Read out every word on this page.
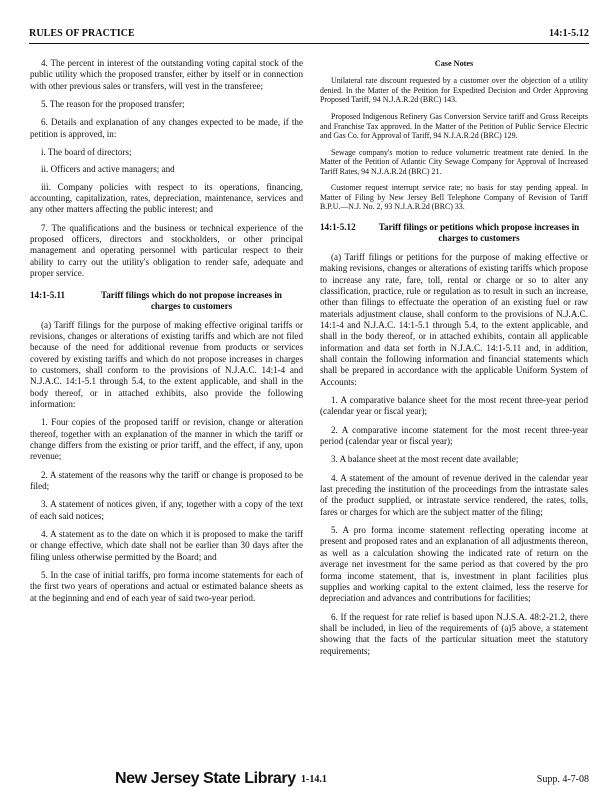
RULES OF PRACTICE	14:1-5.12

4. The percent in interest of the outstanding voting capital stock of the public utility which the proposed transfer, either by itself or in connection with other previous sales or transfers, will vest in the transferee;

5. The reason for the proposed transfer;

6. Details and explanation of any changes expected to be made, if the petition is approved, in:

i. The board of directors;

ii. Officers and active managers; and

iii. Company policies with respect to its operations, financing, accounting, capitalization, rates, depreciation, maintenance, services and any other matters affecting the public interest; and

7. The qualifications and the business or technical experience of the proposed officers, directors and stockholders, or other principal management and operating personnel with particular respect to their ability to carry out the utility's obligation to render safe, adequate and proper service.

14:1-5.11	Tariff filings which do not propose increases in charges to customers

(a) Tariff filings for the purpose of making effective original tariffs or revisions, changes or alterations of existing tariffs and which are not filed because of the need for additional revenue from products or services covered by existing tariffs and which do not propose increases in charges to customers, shall conform to the provisions of N.J.A.C. 14:1-4 and N.J.A.C. 14:1-5.1 through 5.4, to the extent applicable, and shall in the body thereof, or in attached exhibits, also provide the following information:

1. Four copies of the proposed tariff or revision, change or alteration thereof, together with an explanation of the manner in which the tariff or change differs from the existing or prior tariff, and the effect, if any, upon revenue;

2. A statement of the reasons why the tariff or change is proposed to be filed;

3. A statement of notices given, if any, together with a copy of the text of each said notices;

4. A statement as to the date on which it is proposed to make the tariff or change effective, which date shall not be earlier than 30 days after the filing unless otherwise permitted by the Board; and

5. In the case of initial tariffs, pro forma income statements for each of the first two years of operations and actual or estimated balance sheets as at the beginning and end of each year of said two-year period.

Case Notes

Unilateral rate discount requested by a customer over the objection of a utility denied. In the Matter of the Petition for Expedited Decision and Order Approving Proposed Tariff, 94 N.J.A.R.2d (BRC) 143.

Proposed Indigenous Refinery Gas Conversion Service tariff and Gross Receipts and Franchise Tax approved. In the Matter of the Petition of Public Service Electric and Gas Co. for Approval of Tariff, 94 N.J.A.R.2d (BRC) 129.

Sewage company's motion to reduce volumetric treatment rate denied. In the Matter of the Petition of Atlantic City Sewage Company for Approval of Increased Tariff Rates, 94 N.J.A.R.2d (BRC) 21.

Customer request interrupt service rate; no basis for stay pending appeal. In Matter of Filing by New Jersey Bell Telephone Company of Revision of Tariff B.P.U.—N.J. No. 2, 93 N.J.A.R.2d (BRC) 33.

14:1-5.12	Tariff filings or petitions which propose increases in charges to customers

(a) Tariff filings or petitions for the purpose of making effective or making revisions, changes or alterations of existing tariffs which propose to increase any rate, fare, toll, rental or charge or so to alter any classification, practice, rule or regulation as to result in such an increase, other than filings to effectuate the operation of an existing fuel or raw materials adjustment clause, shall conform to the provisions of N.J.A.C. 14:1-4 and N.J.A.C. 14:1-5.1 through 5.4, to the extent applicable, and shall in the body thereof, or in attached exhibits, contain all applicable information and data set forth in N.J.A.C. 14:1-5.11 and, in addition, shall contain the following information and financial statements which shall be prepared in accordance with the applicable Uniform System of Accounts:

1. A comparative balance sheet for the most recent three-year period (calendar year or fiscal year);

2. A comparative income statement for the most recent three-year period (calendar year or fiscal year);

3. A balance sheet at the most recent date available;

4. A statement of the amount of revenue derived in the calendar year last preceding the institution of the proceedings from the intrastate sales of the product supplied, or intrastate service rendered, the rates, tolls, fares or charges for which are the subject matter of the filing;

5. A pro forma income statement reflecting operating income at present and proposed rates and an explanation of all adjustments thereon, as well as a calculation showing the indicated rate of return on the average net investment for the same period as that covered by the pro forma income statement, that is, investment in plant facilities plus supplies and working capital to the extent claimed, less the reserve for depreciation and advances and contributions for facilities;

6. If the request for rate relief is based upon N.J.S.A. 48:2-21.2, there shall be included, in lieu of the requirements of (a)5 above, a statement showing that the facts of the particular situation meet the statutory requirements;

New Jersey State Library 1-14.1	Supp. 4-7-08
